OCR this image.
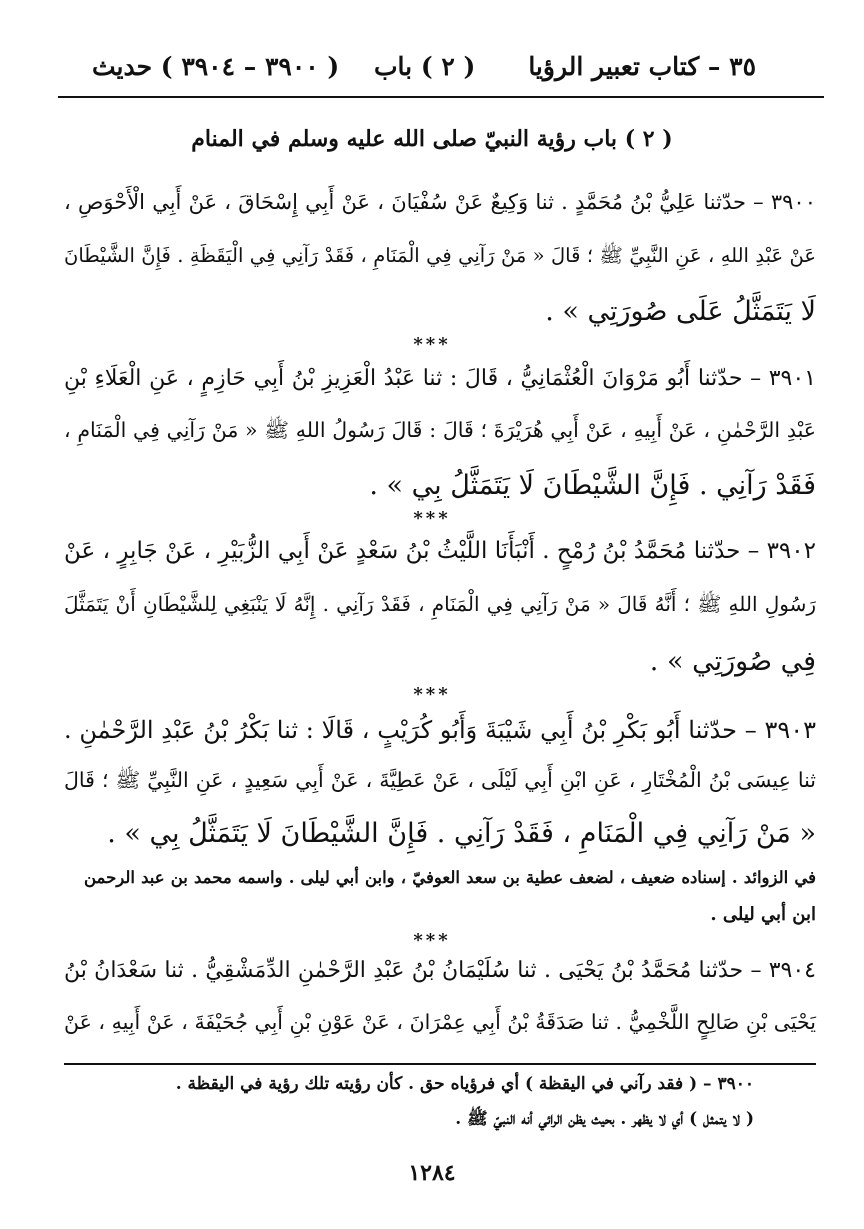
٣٥ – كتاب تعبير الرؤيا
( ٢ ) باب
( ٣٩٠٠ – ٣٩٠٤ ) حديث
( ٢ ) باب رؤية النبيّ صلى الله عليه وسلم في المنام
٣٩٠٠ – حدّثنا عَلِيُّ بْنُ مُحَمَّدٍ . ثنا وَكِيعٌ عَنْ سُفْيَانَ ، عَنْ أَبِي إِسْحَاقَ ، عَنْ أَبِي الْأَحْوَصِ ،
عَنْ عَبْدِ اللهِ ، عَنِ النَّبِيِّ ﷺ ؛ قَالَ « مَنْ رَآنِي فِي الْمَنَامِ ، فَقَدْ رَآنِي فِي الْيَقَظَةِ . فَإِنَّ الشَّيْطَانَ
لَا يَتَمَثَّلُ عَلَى صُورَتِي » .
***
٣٩٠١ – حدّثنا أَبُو مَرْوَانَ الْعُثْمَانِيُّ ، قَالَ : ثنا عَبْدُ الْعَزِيزِ بْنُ أَبِي حَازِمٍ ، عَنِ الْعَلَاءِ بْنِ
عَبْدِ الرَّحْمٰنِ ، عَنْ أَبِيهِ ، عَنْ أَبِي هُرَيْرَةَ ؛ قَالَ : قَالَ رَسُولُ اللهِ ﷺ « مَنْ رَآنِي فِي الْمَنَامِ ،
فَقَدْ رَآنِي . فَإِنَّ الشَّيْطَانَ لَا يَتَمَثَّلُ بِي » .
***
٣٩٠٢ – حدّثنا مُحَمَّدُ بْنُ رُمْحٍ . أَنْبَأَنَا اللَّيْثُ بْنُ سَعْدٍ عَنْ أَبِي الزُّبَيْرِ ، عَنْ جَابِرٍ ، عَنْ
رَسُولِ اللهِ ﷺ ؛ أَنَّهُ قَالَ « مَنْ رَآنِي فِي الْمَنَامِ ، فَقَدْ رَآنِي . إِنَّهُ لَا يَنْبَغِي لِلشَّيْطَانِ أَنْ يَتَمَثَّلَ
فِي صُورَتِي » .
***
٣٩٠٣ – حدّثنا أَبُو بَكْرِ بْنُ أَبِي شَيْبَةَ وَأَبُو كُرَيْبٍ ، قَالَا : ثنا بَكْرُ بْنُ عَبْدِ الرَّحْمٰنِ .
ثنا عِيسَى بْنُ الْمُخْتَارِ ، عَنِ ابْنِ أَبِي لَيْلَى ، عَنْ عَطِيَّةَ ، عَنْ أَبِي سَعِيدٍ ، عَنِ النَّبِيِّ ﷺ ؛ قَالَ
« مَنْ رَآنِي فِي الْمَنَامِ ، فَقَدْ رَآنِي . فَإِنَّ الشَّيْطَانَ لَا يَتَمَثَّلُ بِي » .
في الزوائد . إسناده ضعيف ، لضعف عطية بن سعد العوفيّ ، وابن أبي ليلى . واسمه محمد بن عبد الرحمن
ابن أبي ليلى .
***
٣٩٠٤ – حدّثنا مُحَمَّدُ بْنُ يَحْيَى . ثنا سُلَيْمَانُ بْنُ عَبْدِ الرَّحْمٰنِ الدِّمَشْقِيُّ . ثنا سَعْدَانُ بْنُ
يَحْيَى بْنِ صَالِحٍ اللَّخْمِيُّ . ثنا صَدَقَةُ بْنُ أَبِي عِمْرَانَ ، عَنْ عَوْنِ بْنِ أَبِي جُحَيْفَةَ ، عَنْ أَبِيهِ ، عَنْ
٣٩٠٠ – ( فقد رآني في اليقظة ) أي فرؤياه حق . كأن رؤيته تلك رؤية في اليقظة .
( لا يتمثل ) أي لا يظهر . بحيث يظن الرائي أنه النبيّ ﷺ .
١٢٨٤
